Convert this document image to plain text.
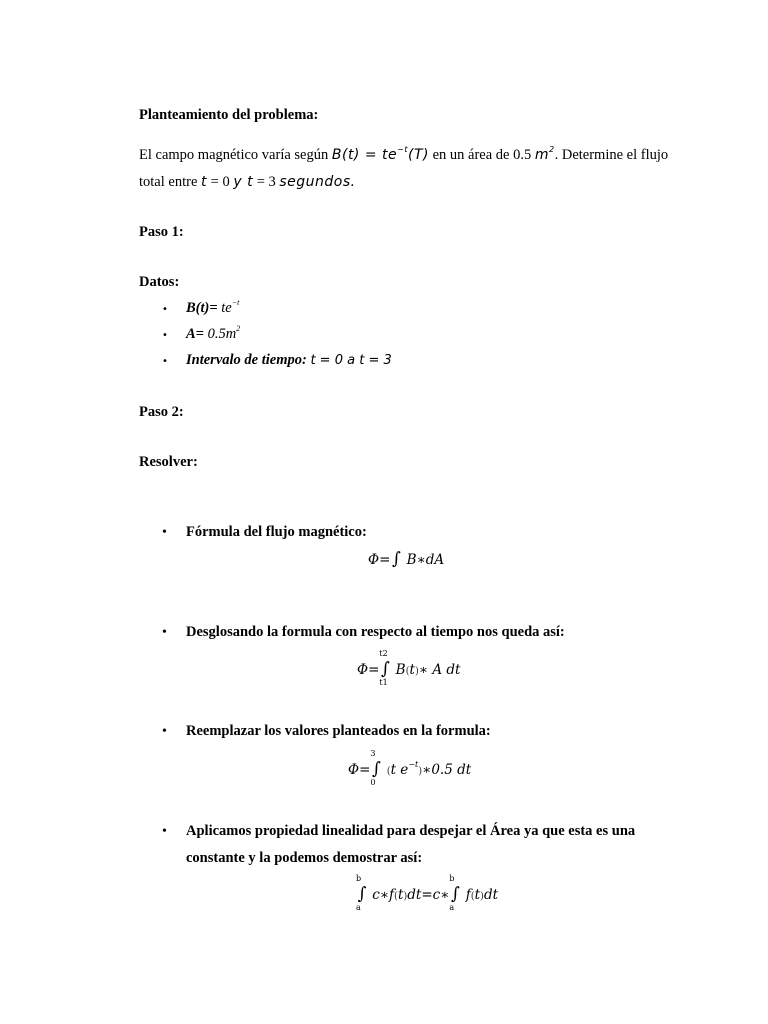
Planteamiento del problema:
El campo magnético varía según $B(t) = te^{-t}(T)$ en un área de 0.5 $m^2$. Determine el flujo total entre t = 0 y t = 3 segundos.
Paso 1:
Datos:
• $B(t)= te^{-t}$
• $A= 0.5m^2$
• Intervalo de tiempo: t = 0 a t = 3
Paso 2:
Resolver:
• Fórmula del flujo magnético:
Φ=∫ B∗dA
• Desglosando la formula con respecto al tiempo nos queda así:
Φ=∫
t2
t1
B(t)∗ A dt
• Reemplazar los valores planteados en la formula:
Φ=∫
3
0
(t $e^{-t})∗0.5$ dt
• Aplicamos propiedad linealidad para despejar el Área ya que esta es una constante y la podemos demostrar así:
∫
b
a
c∗f(t)dt=c∗∫
b
a
f(t)dt
